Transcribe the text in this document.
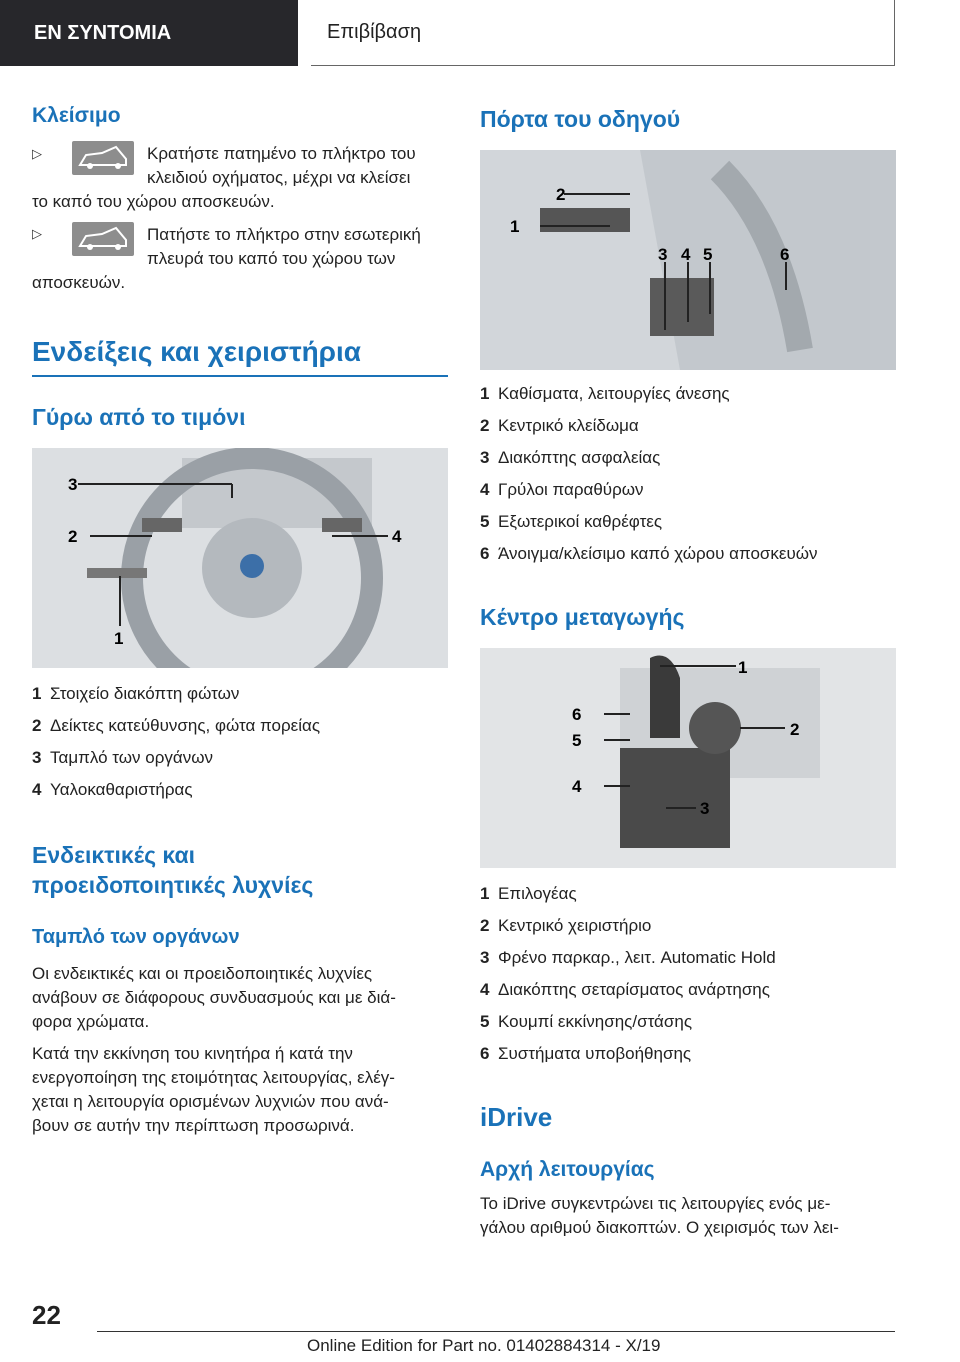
ΕΝ ΣΥΝΤΟΜΙΑ	Επιβίβαση
Κλείσιμο
▷	Κρατήστε πατημένο το πλήκτρο του
κλειδιού οχήματος, μέχρι να κλείσει
το καπό του χώρου αποσκευών.
▷	Πατήστε το πλήκτρο στην εσωτερική
πλευρά του καπό του χώρου των
αποσκευών.
Ενδείξεις και χειριστήρια
Γύρω από το τιμόνι
3
2	4
1
1 Στοιχείο διακόπτη φώτων
2 Δείκτες κατεύθυνσης, φώτα πορείας
3 Ταμπλό των οργάνων
4 Υαλοκαθαριστήρας
Ενδεικτικές και
προειδοποιητικές λυχνίες
Ταμπλό των οργάνων

Οι ενδεικτικές και οι προειδοποιητικές λυχνίες

ανάβουν σε διάφορους συνδυασμούς και με διά-

φορα χρώματα.

Κατά την εκκίνηση του κινητήρα ή κατά την

ενεργοποίηση της ετοιμότητας λειτουργίας, ελέγ-

χεται η λειτουργία ορισμένων λυχνιών που ανά-

βουν σε αυτήν την περίπτωση προσωρινά.

Πόρτα του οδηγού
2
1
3 4 5	6
1 Καθίσματα, λειτουργίες άνεσης
2 Κεντρικό κλείδωμα
3 Διακόπτης ασφαλείας
4 Γρύλοι παραθύρων
5 Εξωτερικοί καθρέφτες
6 Άνοιγμα/κλείσιμο καπό χώρου αποσκευών
Κέντρο μεταγωγής
1
2
6
5
4
3
1 Επιλογέας
2 Κεντρικό χειριστήριο
3 Φρένο παρκαρ., λειτ. Automatic Hold
4 Διακόπτης σεταρίσματος ανάρτησης
5 Κουμπί εκκίνησης/στάσης
6 Συστήματα υποβοήθησης
iDrive
Αρχή λειτουργίας

Το iDrive συγκεντρώνει τις λειτουργίες ενός με-

γάλου αριθμού διακοπτών. Ο χειρισμός των λει-

22
Online Edition for Part no. 01402884314 - X/19
